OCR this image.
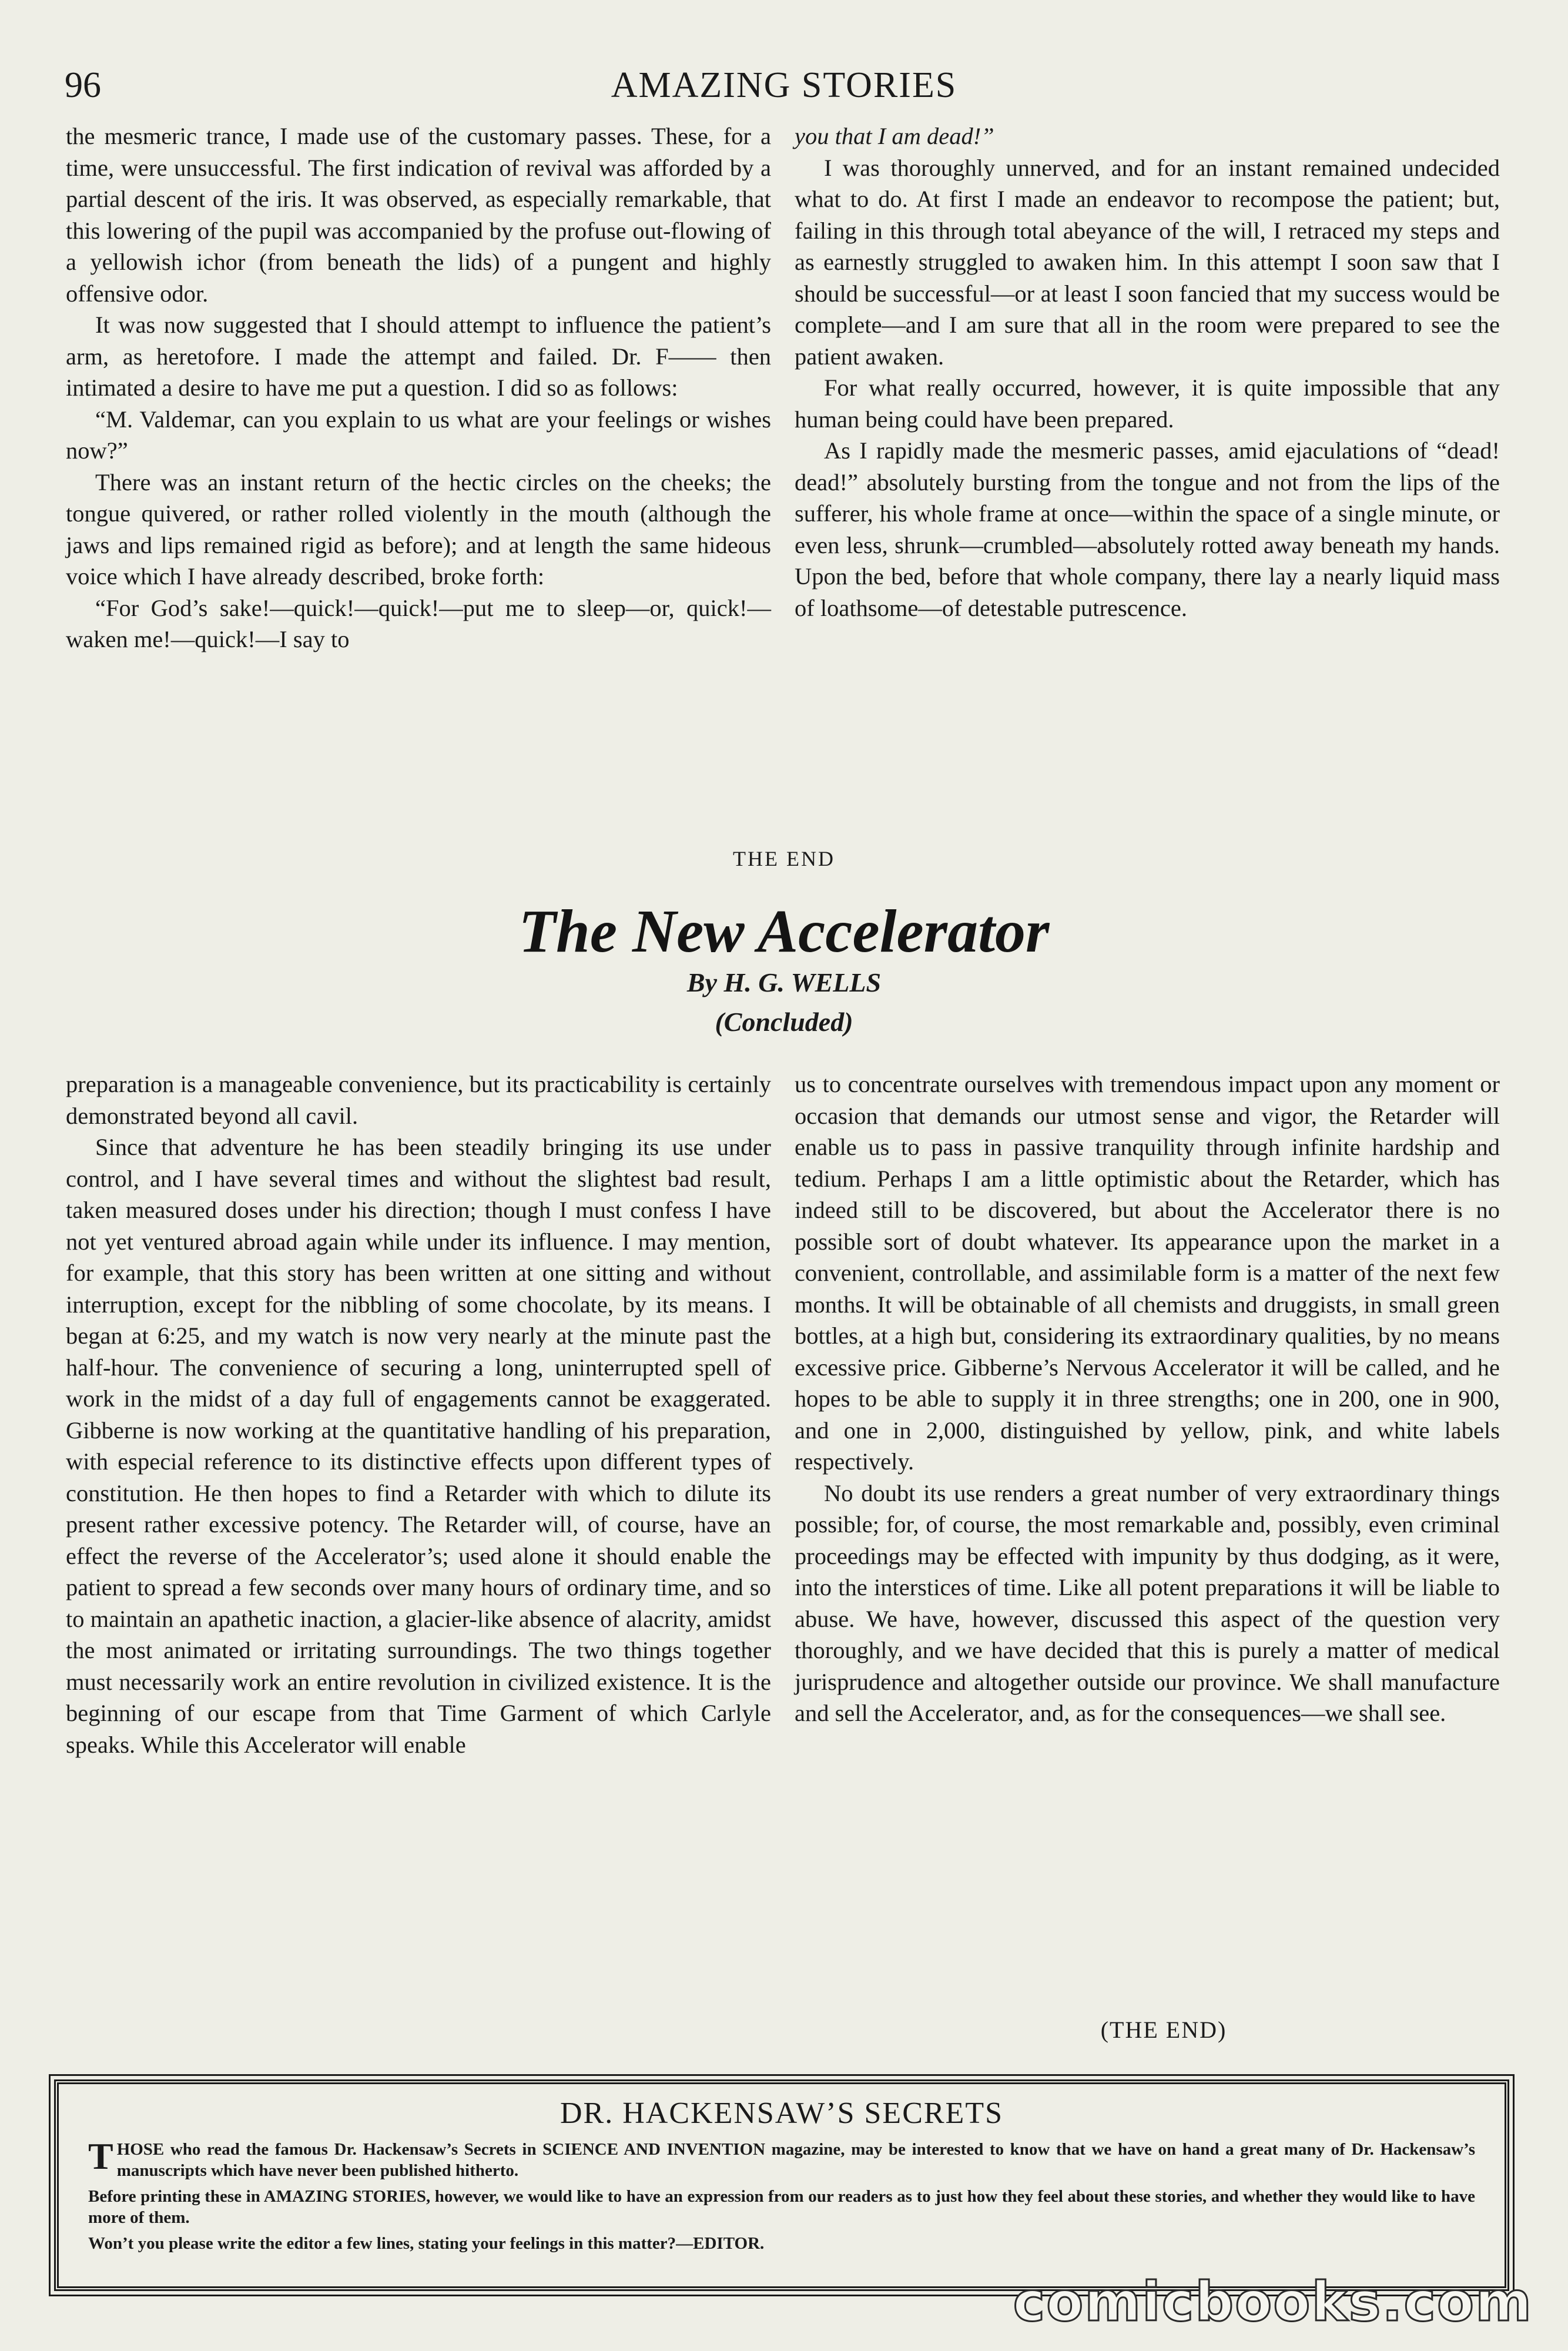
96	AMAZING STORIES

the mesmeric trance, I made use of the customary passes. These, for a time, were unsuccessful. The first indication of revival was afforded by a partial descent of the iris. It was observed, as especially remarkable, that this lowering of the pupil was accompanied by the profuse out-flowing of a yellowish ichor (from beneath the lids) of a pungent and highly offensive odor.

It was now suggested that I should attempt to influence the patient’s arm, as heretofore. I made the attempt and failed. Dr. F—— then intimated a desire to have me put a question. I did so as follows:

“M. Valdemar, can you explain to us what are your feelings or wishes now?”

There was an instant return of the hectic circles on the cheeks; the tongue quivered, or rather rolled violently in the mouth (although the jaws and lips remained rigid as before); and at length the same hideous voice which I have already described, broke forth:

“For God’s sake!—quick!—quick!—put me to sleep—or, quick!—waken me!—quick!—I say to

you that I am dead!”

I was thoroughly unnerved, and for an instant remained undecided what to do. At first I made an endeavor to recompose the patient; but, failing in this through total abeyance of the will, I retraced my steps and as earnestly struggled to awaken him. In this attempt I soon saw that I should be successful—or at least I soon fancied that my success would be complete—and I am sure that all in the room were prepared to see the patient awaken.

For what really occurred, however, it is quite impossible that any human being could have been prepared.

As I rapidly made the mesmeric passes, amid ejaculations of “dead! dead!” absolutely bursting from the tongue and not from the lips of the sufferer, his whole frame at once—within the space of a single minute, or even less, shrunk—crumbled—absolutely rotted away beneath my hands. Upon the bed, before that whole company, there lay a nearly liquid mass of loathsome—of detestable putrescence.

THE END
The New Accelerator
By H. G. WELLS
(Concluded)

preparation is a manageable convenience, but its practicability is certainly demonstrated beyond all cavil.

Since that adventure he has been steadily bringing its use under control, and I have several times and without the slightest bad result, taken measured doses under his direction; though I must confess I have not yet ventured abroad again while under its influence. I may mention, for example, that this story has been written at one sitting and without interruption, except for the nibbling of some chocolate, by its means. I began at 6:25, and my watch is now very nearly at the minute past the half-hour. The convenience of securing a long, uninterrupted spell of work in the midst of a day full of engagements cannot be exaggerated. Gibberne is now working at the quantitative handling of his preparation, with especial reference to its distinctive effects upon different types of constitution. He then hopes to find a Retarder with which to dilute its present rather excessive potency. The Retarder will, of course, have an effect the reverse of the Accelerator’s; used alone it should enable the patient to spread a few seconds over many hours of ordinary time, and so to maintain an apathetic inaction, a glacier-like absence of alacrity, amidst the most animated or irritating surroundings. The two things together must necessarily work an entire revolution in civilized existence. It is the beginning of our escape from that Time Garment of which Carlyle speaks. While this Accelerator will enable

us to concentrate ourselves with tremendous impact upon any moment or occasion that demands our utmost sense and vigor, the Retarder will enable us to pass in passive tranquility through infinite hardship and tedium. Perhaps I am a little optimistic about the Retarder, which has indeed still to be discovered, but about the Accelerator there is no possible sort of doubt whatever. Its appearance upon the market in a convenient, controllable, and assimilable form is a matter of the next few months. It will be obtainable of all chemists and druggists, in small green bottles, at a high but, considering its extraordinary qualities, by no means excessive price. Gibberne’s Nervous Accelerator it will be called, and he hopes to be able to supply it in three strengths; one in 200, one in 900, and one in 2,000, distinguished by yellow, pink, and white labels respectively.

No doubt its use renders a great number of very extraordinary things possible; for, of course, the most remarkable and, possibly, even criminal proceedings may be effected with impunity by thus dodging, as it were, into the interstices of time. Like all potent preparations it will be liable to abuse. We have, however, discussed this aspect of the question very thoroughly, and we have decided that this is purely a matter of medical jurisprudence and altogether outside our province. We shall manufacture and sell the Accelerator, and, as for the consequences—we shall see.

(THE END)
DR. HACKENSAW’S SECRETS

THOSE who read the famous Dr. Hackensaw’s Secrets in SCIENCE AND INVENTION magazine, may be interested to know that we have on hand a great many of Dr. Hackensaw’s manuscripts which have never been published hitherto.

Before printing these in AMAZING STORIES, however, we would like to have an expression from our readers as to just how they feel about these stories, and whether they would like to have more of them.

Won’t you please write the editor a few lines, stating your feelings in this matter?—EDITOR.

comicbooks.com
